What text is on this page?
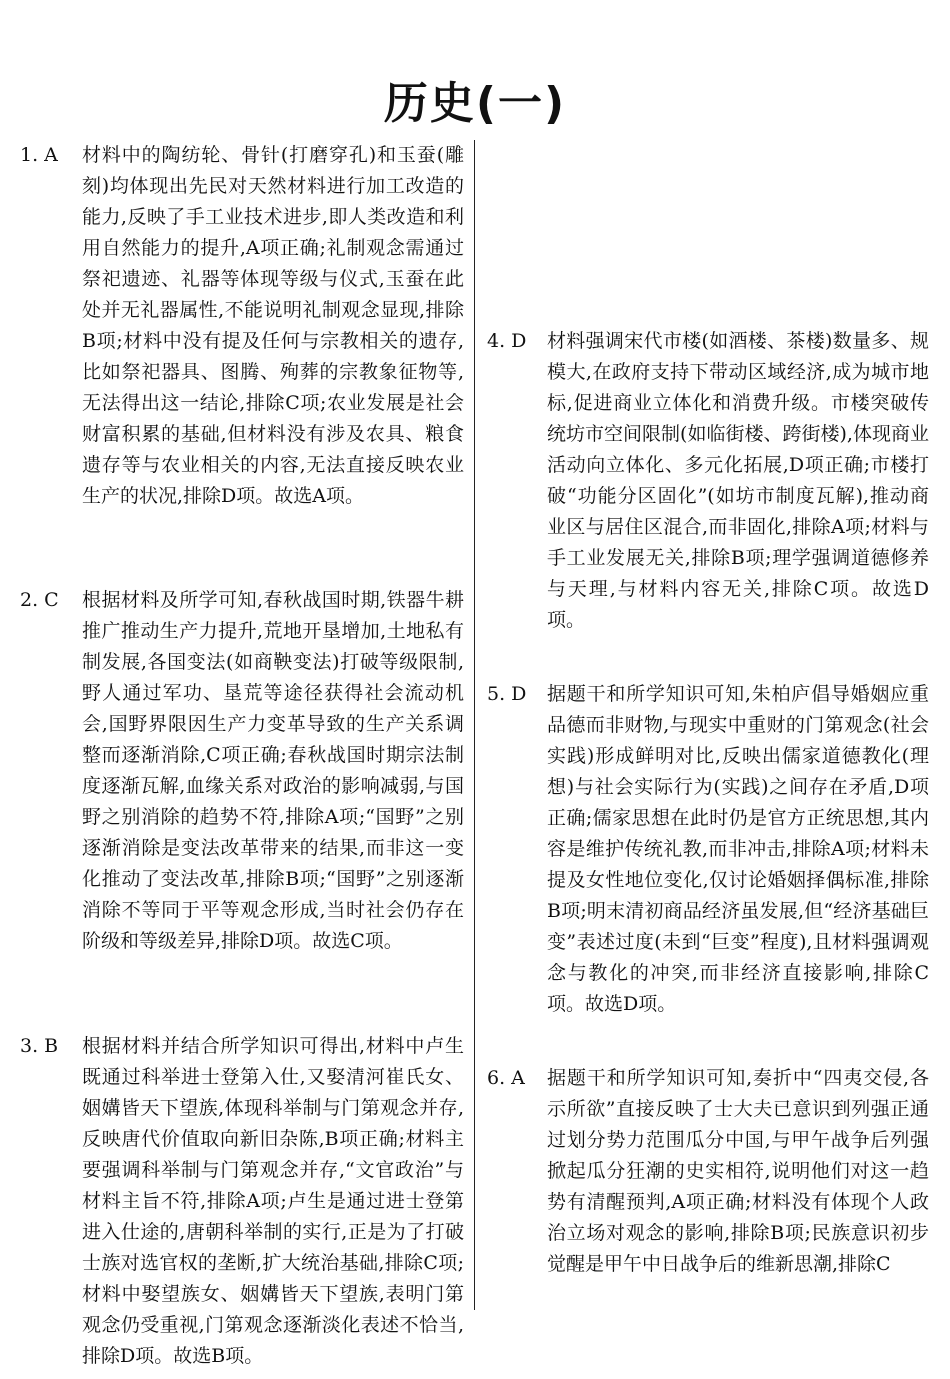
历史(一)
1. A 材料中的陶纺轮、骨针(打磨穿孔)和玉蚕(雕刻)均体现出先民对天然材料进行加工改造的能力,反映了手工业技术进步,即人类改造和利用自然能力的提升,A项正确;礼制观念需通过祭祀遗迹、礼器等体现等级与仪式,玉蚕在此处并无礼器属性,不能说明礼制观念显现,排除B项;材料中没有提及任何与宗教相关的遗存,比如祭祀器具、图腾、殉葬的宗教象征物等,无法得出这一结论,排除C项;农业发展是社会财富积累的基础,但材料没有涉及农具、粮食遗存等与农业相关的内容,无法直接反映农业生产的状况,排除D项。故选A项。
2. C 根据材料及所学可知,春秋战国时期,铁器牛耕推广推动生产力提升,荒地开垦增加,土地私有制发展,各国变法(如商鞅变法)打破等级限制,野人通过军功、垦荒等途径获得社会流动机会,国野界限因生产力变革导致的生产关系调整而逐渐消除,C项正确;春秋战国时期宗法制度逐渐瓦解,血缘关系对政治的影响减弱,与国野之别消除的趋势不符,排除A项;“国野”之别逐渐消除是变法改革带来的结果,而非这一变化推动了变法改革,排除B项;“国野”之别逐渐消除不等同于平等观念形成,当时社会仍存在阶级和等级差异,排除D项。故选C项。
3. B 根据材料并结合所学知识可得出,材料中卢生既通过科举进士登第入仕,又娶清河崔氏女、姻媾皆天下望族,体现科举制与门第观念并存,反映唐代价值取向新旧杂陈,B项正确;材料主要强调科举制与门第观念并存,“文官政治”与材料主旨不符,排除A项;卢生是通过进士登第进入仕途的,唐朝科举制的实行,正是为了打破士族对选官权的垄断,扩大统治基础,排除C项;材料中娶望族女、姻媾皆天下望族,表明门第观念仍受重视,门第观念逐渐淡化表述不恰当,排除D项。故选B项。
4. D 材料强调宋代市楼(如酒楼、茶楼)数量多、规模大,在政府支持下带动区域经济,成为城市地标,促进商业立体化和消费升级。市楼突破传统坊市空间限制(如临街楼、跨街楼),体现商业活动向立体化、多元化拓展,D项正确;市楼打破“功能分区固化”(如坊市制度瓦解),推动商业区与居住区混合,而非固化,排除A项;材料与手工业发展无关,排除B项;理学强调道德修养与天理,与材料内容无关,排除C项。故选D项。
5. D 据题干和所学知识可知,朱柏庐倡导婚姻应重品德而非财物,与现实中重财的门第观念(社会实践)形成鲜明对比,反映出儒家道德教化(理想)与社会实际行为(实践)之间存在矛盾,D项正确;儒家思想在此时仍是官方正统思想,其内容是维护传统礼教,而非冲击,排除A项;材料未提及女性地位变化,仅讨论婚姻择偶标准,排除B项;明末清初商品经济虽发展,但“经济基础巨变”表述过度(未到“巨变”程度),且材料强调观念与教化的冲突,而非经济直接影响,排除C项。故选D项。
6. A 据题干和所学知识可知,奏折中“四夷交侵,各示所欲”直接反映了士大夫已意识到列强正通过划分势力范围瓜分中国,与甲午战争后列强掀起瓜分狂潮的史实相符,说明他们对这一趋势有清醒预判,A项正确;材料没有体现个人政治立场对观念的影响,排除B项;民族意识初步觉醒是甲午中日战争后的维新思潮,排除C
